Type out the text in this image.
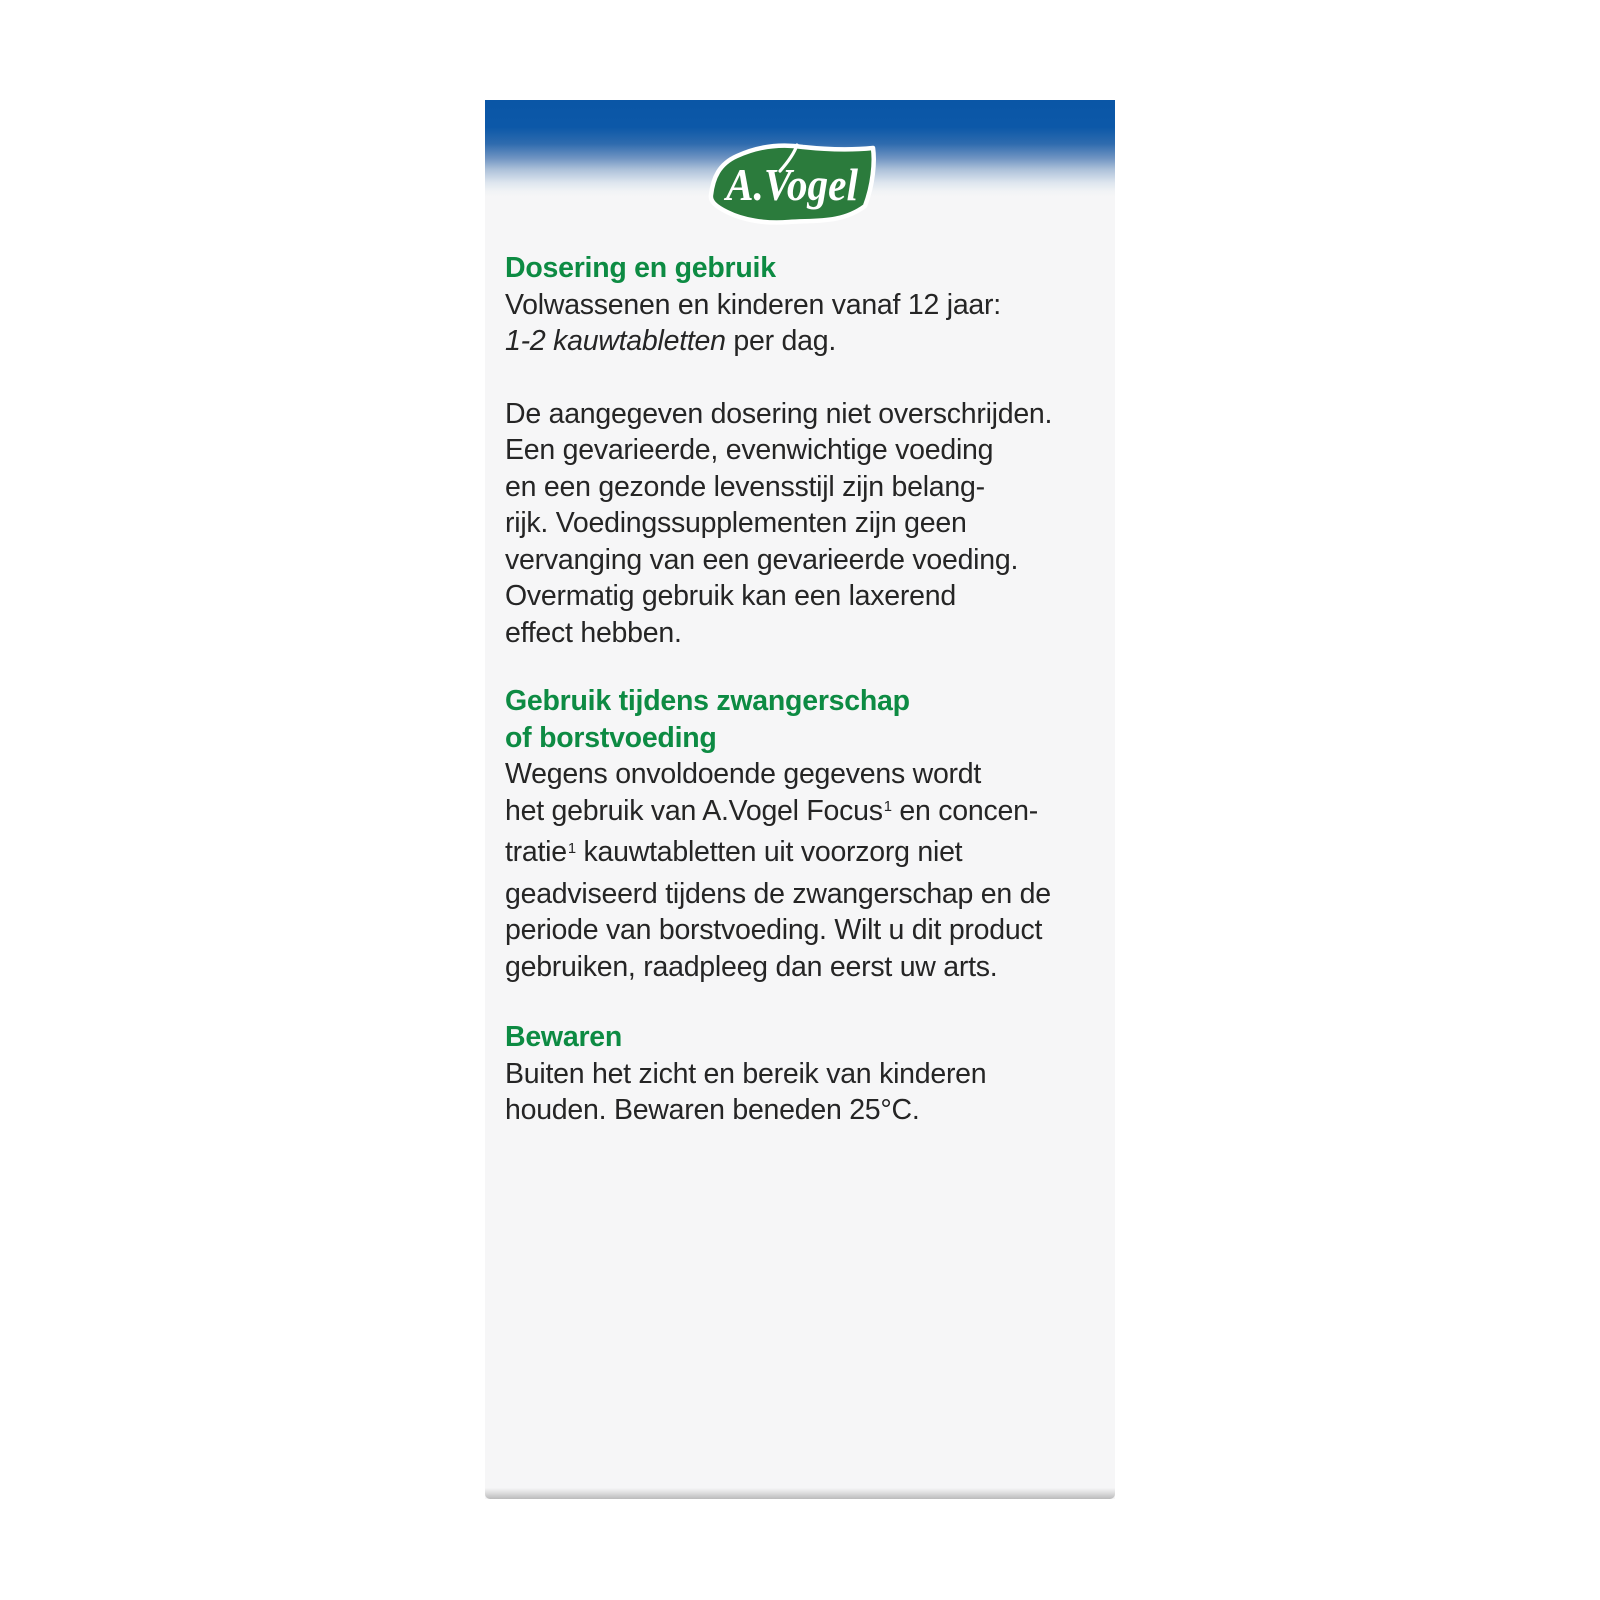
A.Vogel
Dosering en gebruik
Volwassenen en kinderen vanaf 12 jaar:
1-2 kauwtabletten per dag.
De aangegeven dosering niet overschrijden.
Een gevarieerde, evenwichtige voeding
en een gezonde levensstijl zijn belang-
rijk. Voedingssupplementen zijn geen
vervanging van een gevarieerde voeding.
Overmatig gebruik kan een laxerend
effect hebben.
Gebruik tijdens zwangerschap
of borstvoeding
Wegens onvoldoende gegevens wordt
het gebruik van A.Vogel Focus$^1$ en concen-
tratie$^1$ kauwtabletten uit voorzorg niet
geadviseerd tijdens de zwangerschap en de
periode van borstvoeding. Wilt u dit product
gebruiken, raadpleeg dan eerst uw arts.
Bewaren
Buiten het zicht en bereik van kinderen
houden. Bewaren beneden 25°C.
